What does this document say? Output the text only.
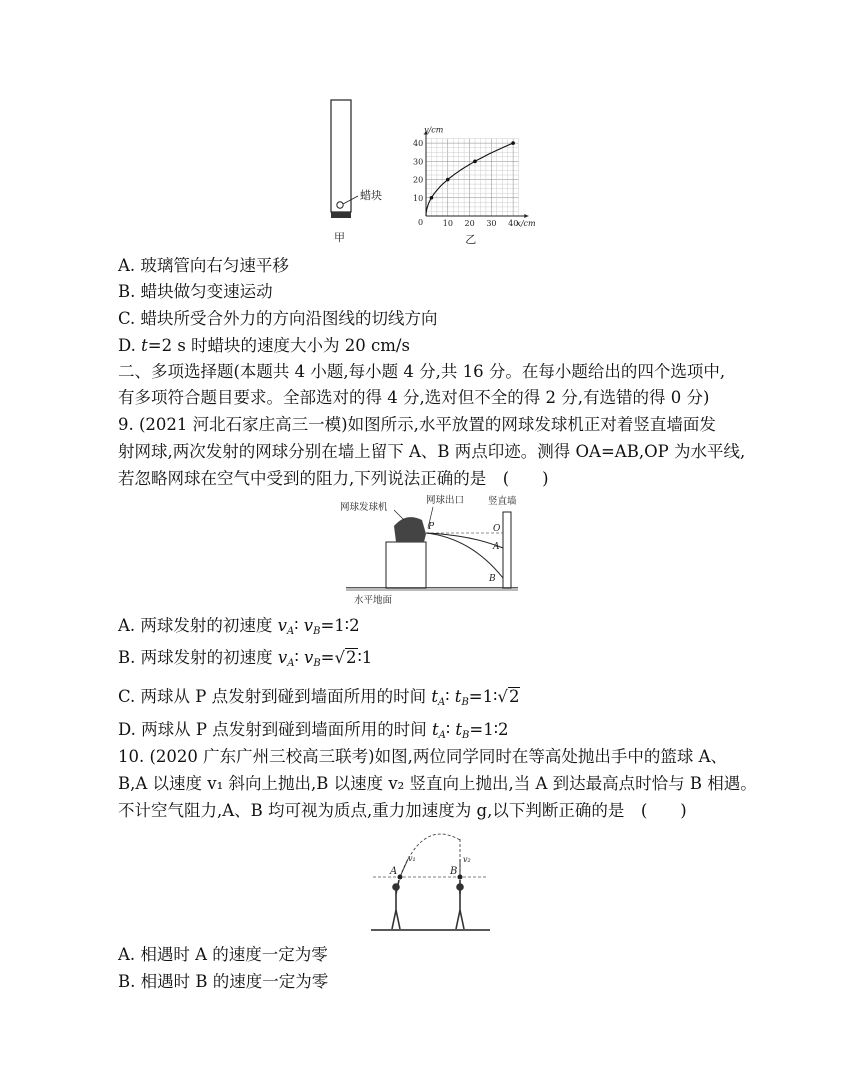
蜡块
甲
10 20 30 40
10
20
30
40
0
y/cm
x/cm
乙
A. 玻璃管向右匀速平移
B. 蜡块做匀变速运动
C. 蜡块所受合外力的方向沿图线的切线方向
D. t=2 s 时蜡块的速度大小为 20 cm/s
二、多项选择题(本题共 4 小题,每小题 4 分,共 16 分。在每小题给出的四个选项中,
有多项符合题目要求。全部选对的得 4 分,选对但不全的得 2 分,有选错的得 0 分)
9. (2021 河北石家庄高三一模)如图所示,水平放置的网球发球机正对着竖直墙面发
射网球,两次发射的网球分别在墙上留下 A、B 两点印迹。测得 OA=AB,OP 为水平线,
若忽略网球在空气中受到的阻力,下列说法正确的是　(　　)
网球发球机
网球出口	竖直墙
水平地面
P	O
A
B
A. 两球发射的初速度 $v_A∶$ $v_B=1∶2$
B. 两球发射的初速度 $v_A∶$ $v_B=√2∶1$
C. 两球从 P 点发射到碰到墙面所用的时间 $t_A∶$ $t_B=1∶√2$
D. 两球从 P 点发射到碰到墙面所用的时间 $t_A∶$ $t_B=1∶2$
10. (2020 广东广州三校高三联考)如图,两位同学同时在等高处抛出手中的篮球 A、
B,A 以速度 v₁ 斜向上抛出,B 以速度 v₂ 竖直向上抛出,当 A 到达最高点时恰与 B 相遇。
不计空气阻力,A、B 均可视为质点,重力加速度为 g,以下判断正确的是　(　　)
A	B
v₁	v₂
A. 相遇时 A 的速度一定为零
B. 相遇时 B 的速度一定为零
